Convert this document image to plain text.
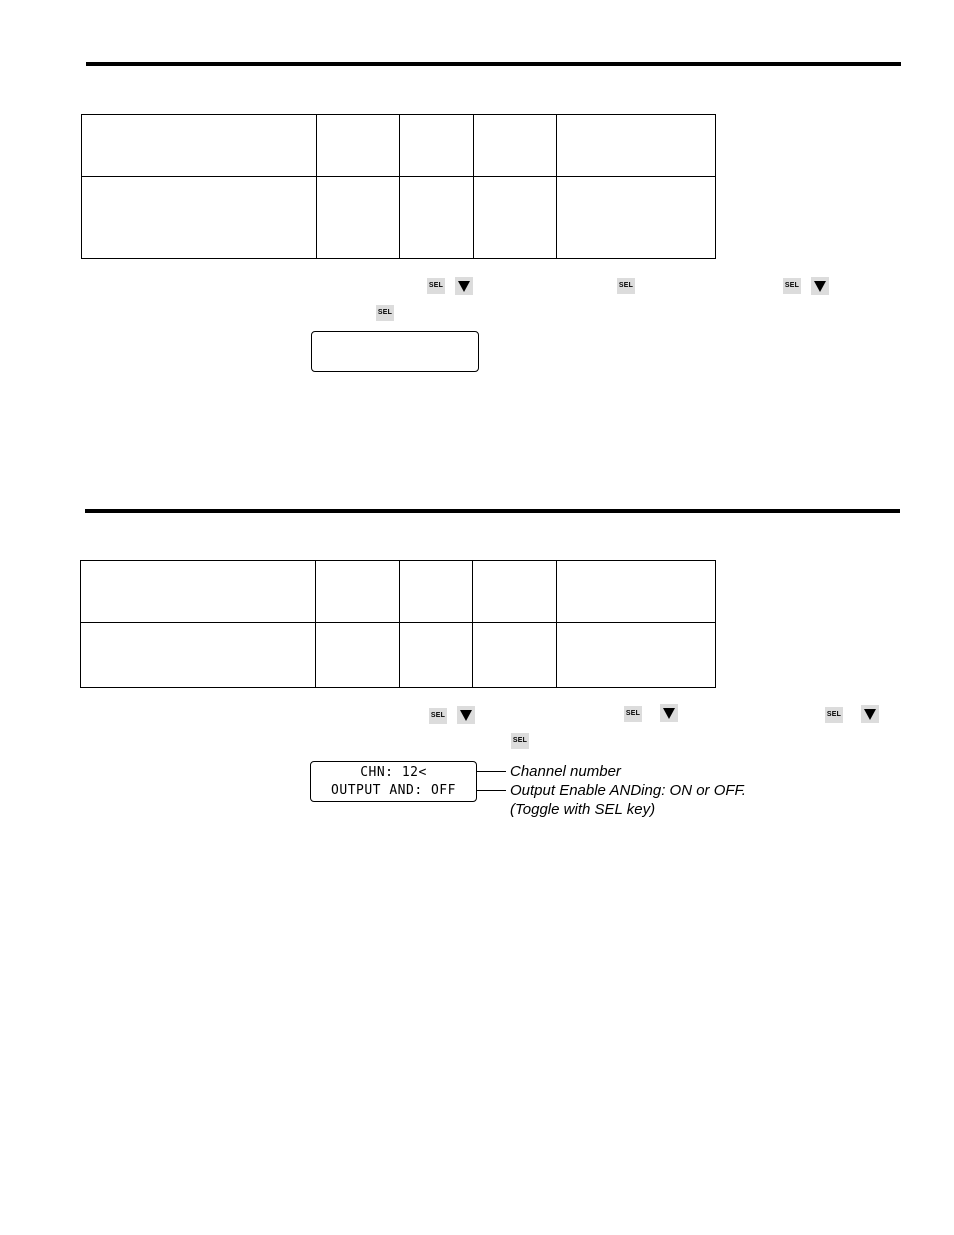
SEL	SEL	SEL
SEL

SEL	SEL	SEL
SEL
CHN: 12<
OUTPUT AND: OFF
Channel number
Output Enable ANDing: ON or OFF.
(Toggle with SEL key)
